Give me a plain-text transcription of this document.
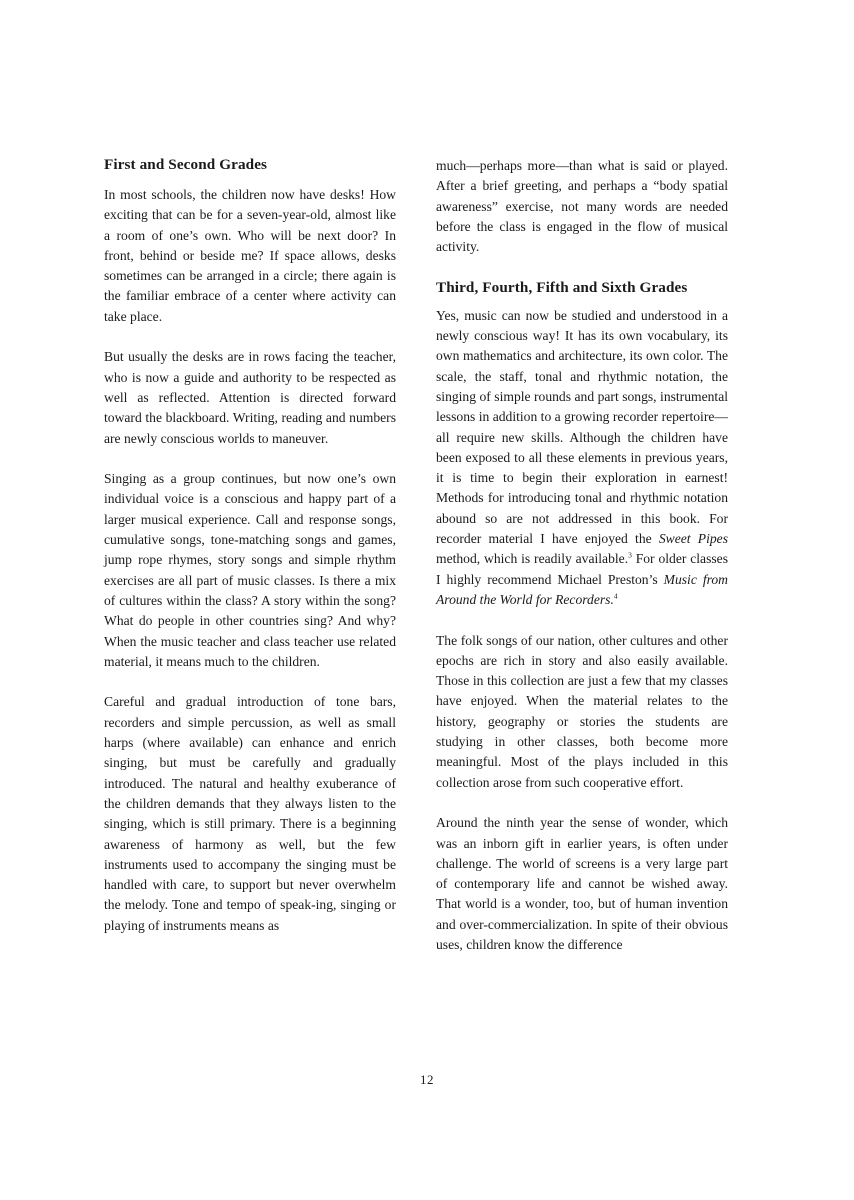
First and Second Grades

In most schools, the children now have desks! How exciting that can be for a seven-year-old, almost like a room of one’s own. Who will be next door? In front, behind or beside me? If space allows, desks sometimes can be arranged in a circle; there again is the familiar embrace of a center where activity can take place.

But usually the desks are in rows facing the teacher, who is now a guide and authority to be respected as well as reflected. Attention is directed forward toward the blackboard. Writing, reading and numbers are newly conscious worlds to maneuver.

Singing as a group continues, but now one’s own individual voice is a conscious and happy part of a larger musical experience. Call and response songs, cumulative songs, tone-matching songs and games, jump rope rhymes, story songs and simple rhythm exercises are all part of music classes. Is there a mix of cultures within the class? A story within the song? What do people in other countries sing? And why? When the music teacher and class teacher use related material, it means much to the children.

Careful and gradual introduction of tone bars, recorders and simple percussion, as well as small harps (where available) can enhance and enrich singing, but must be carefully and gradually introduced. The natural and healthy exuberance of the children demands that they always listen to the singing, which is still primary. There is a beginning awareness of harmony as well, but the few instruments used to accompany the singing must be handled with care, to support but never overwhelm the melody. Tone and tempo of speak-ing, singing or playing of instruments means as

much—perhaps more—than what is said or played. After a brief greeting, and perhaps a “body spatial awareness” exercise, not many words are needed before the class is engaged in the flow of musical activity.

Third, Fourth, Fifth and Sixth Grades

Yes, music can now be studied and understood in a newly conscious way! It has its own vocabulary, its own mathematics and architecture, its own color. The scale, the staff, tonal and rhythmic notation, the singing of simple rounds and part songs, instrumental lessons in addition to a growing recorder repertoire—all require new skills. Although the children have been exposed to all these elements in previous years, it is time to begin their exploration in earnest! Methods for introducing tonal and rhythmic notation abound so are not addressed in this book. For recorder material I have enjoyed the Sweet Pipes method, which is readily available.$^3$ For older classes I highly recommend Michael Preston’s Music from Around the World for Recorders.$^4$

The folk songs of our nation, other cultures and other epochs are rich in story and also easily available. Those in this collection are just a few that my classes have enjoyed. When the material relates to the history, geography or stories the students are studying in other classes, both become more meaningful. Most of the plays included in this collection arose from such cooperative effort.

Around the ninth year the sense of wonder, which was an inborn gift in earlier years, is often under challenge. The world of screens is a very large part of contemporary life and cannot be wished away. That world is a wonder, too, but of human invention and over-commercialization. In spite of their obvious uses, children know the difference

12
